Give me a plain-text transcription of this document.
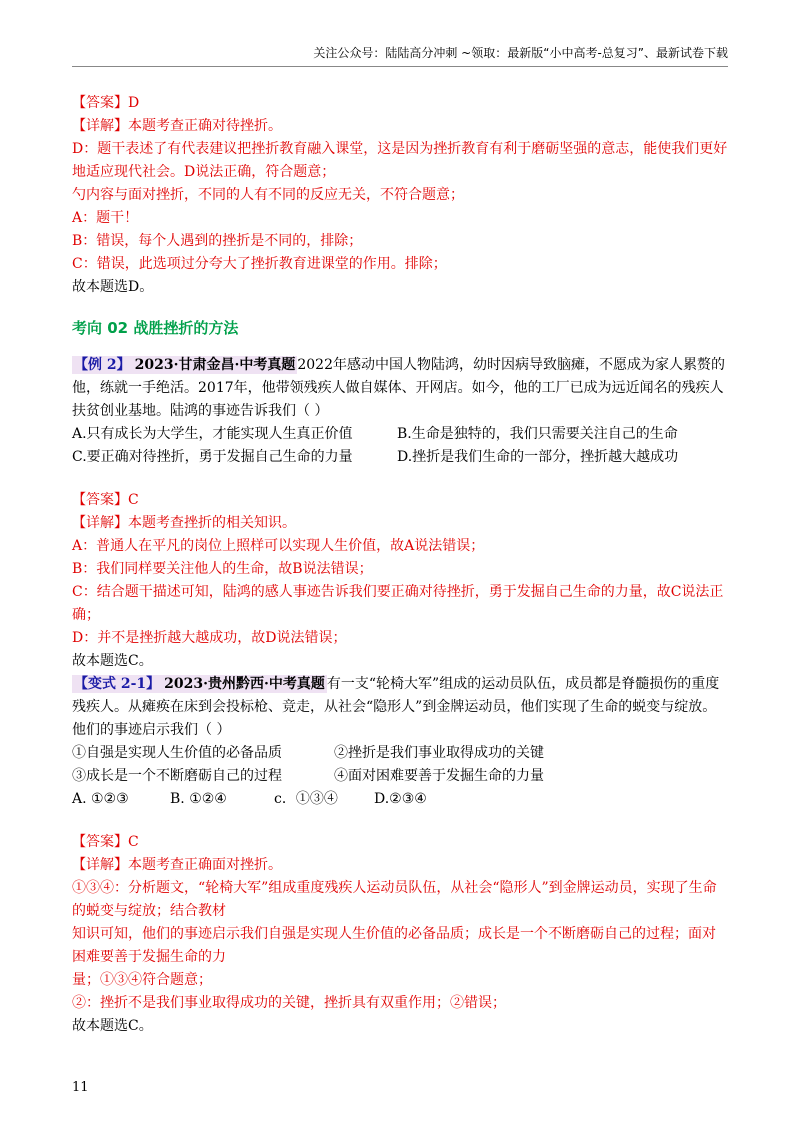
关注公众号：陆陆高分冲刺 ~领取：最新版“小中高考-总复习”、最新试卷下载
【答案】D
【详解】本题考查正确对待挫折。
D：题干表述了有代表建议把挫折教育融入课堂，这是因为挫折教育有利于磨砺坚强的意志，能使我们更好地适应现代社会。D说法正确，符合题意；
勺内容与面对挫折，不同的人有不同的反应无关，不符合题意；
A：题干！
B：错误，每个人遇到的挫折是不同的，排除；
C：错误，此选项过分夸大了挫折教育进课堂的作用。排除；
故本题选D。
考向 02 战胜挫折的方法
【例 2】 2023·甘肃金昌·中考真题 2022年感动中国人物陆鸿，幼时因病导致脑瘫，不愿成为家人累赘的他，练就一手绝活。2017年，他带领残疾人做自媒体、开网店。如今，他的工厂已成为远近闻名的残疾人扶贫创业基地。陆鸿的事迹告诉我们（ ）
A.只有成长为大学生，才能实现人生真正价值	B.生命是独特的，我们只需要关注自己的生命
C.要正确对待挫折，勇于发掘自己生命的力量	D.挫折是我们生命的一部分，挫折越大越成功
【答案】C
【详解】本题考查挫折的相关知识。
A：普通人在平凡的岗位上照样可以实现人生价值，故A说法错误；
B：我们同样要关注他人的生命，故B说法错误；
C：结合题干描述可知，陆鸿的感人事迹告诉我们要正确对待挫折，勇于发掘自己生命的力量，故C说法正确；
D：并不是挫折越大越成功，故D说法错误；
故本题选C。
【变式 2-1】 2023·贵州黔西·中考真题 有一支“轮椅大军”组成的运动员队伍，成员都是脊髓损伤的重度残疾人。从瘫痪在床到会投标枪、竞走，从社会“隐形人”到金牌运动员，他们实现了生命的蜕变与绽放。他们的事迹启示我们（ ）
①自强是实现人生价值的必备品质	②挫折是我们事业取得成功的关键
③成长是一个不断磨砺自己的过程	④面对困难要善于发掘生命的力量
A. ①②③	B. ①②④	c．①③④	D.②③④
【答案】C
【详解】本题考查正确面对挫折。
①③④：分析题文，“轮椅大军”组成重度残疾人运动员队伍，从社会“隐形人”到金牌运动员，实现了生命的蜕变与绽放；结合教材
知识可知，他们的事迹启示我们自强是实现人生价值的必备品质；成长是一个不断磨砺自己的过程；面对困难要善于发掘生命的力
量；①③④符合题意；
②：挫折不是我们事业取得成功的关键，挫折具有双重作用；②错误；
故本题选C。
11
